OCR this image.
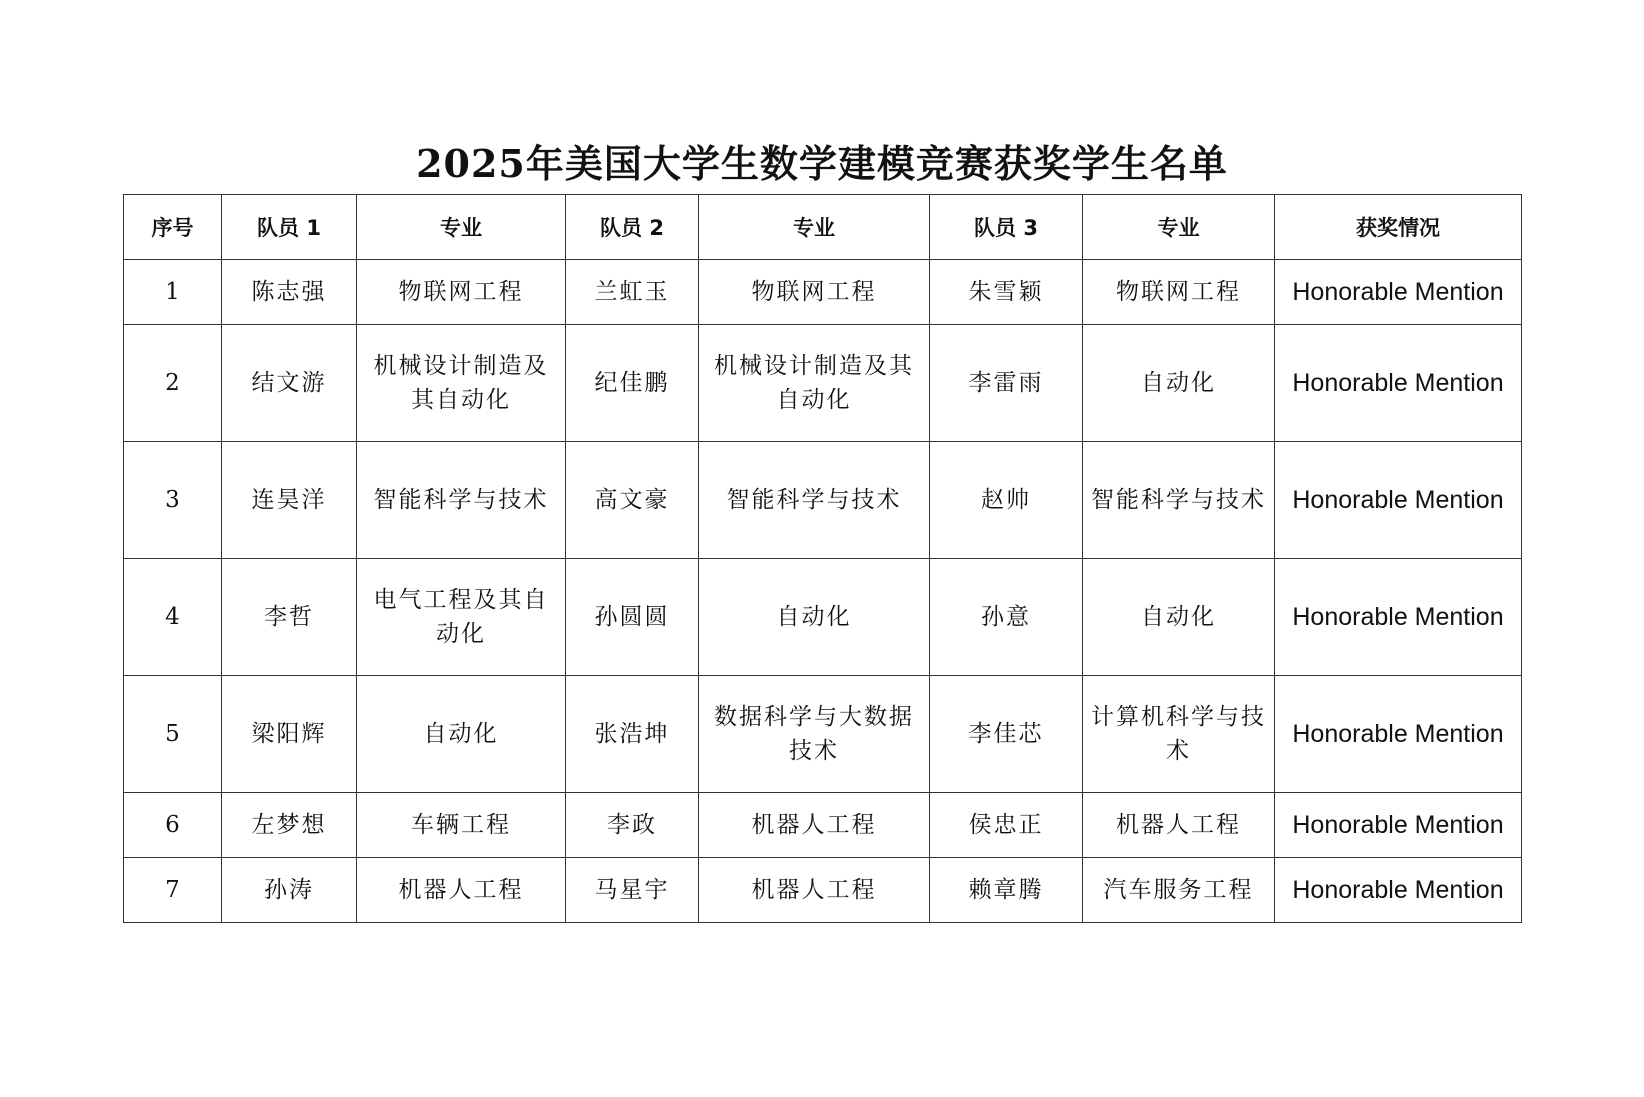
2025年美国大学生数学建模竞赛获奖学生名单
序号	队员 1	专业	队员 2	专业	队员 3	专业	获奖情况
1	陈志强	物联网工程	兰虹玉	物联网工程	朱雪颖	物联网工程	Honorable Mention
2	结文游	机械设计制造及其自动化	纪佳鹏	机械设计制造及其自动化	李雷雨	自动化	Honorable Mention
3	连昊洋	智能科学与技术	高文豪	智能科学与技术	赵帅	智能科学与技术	Honorable Mention
4	李哲	电气工程及其自动化	孙圆圆	自动化	孙意	自动化	Honorable Mention
5	梁阳辉	自动化	张浩坤	数据科学与大数据技术	李佳芯	计算机科学与技术	Honorable Mention
6	左梦想	车辆工程	李政	机器人工程	侯忠正	机器人工程	Honorable Mention
7	孙涛	机器人工程	马星宇	机器人工程	赖章腾	汽车服务工程	Honorable Mention
